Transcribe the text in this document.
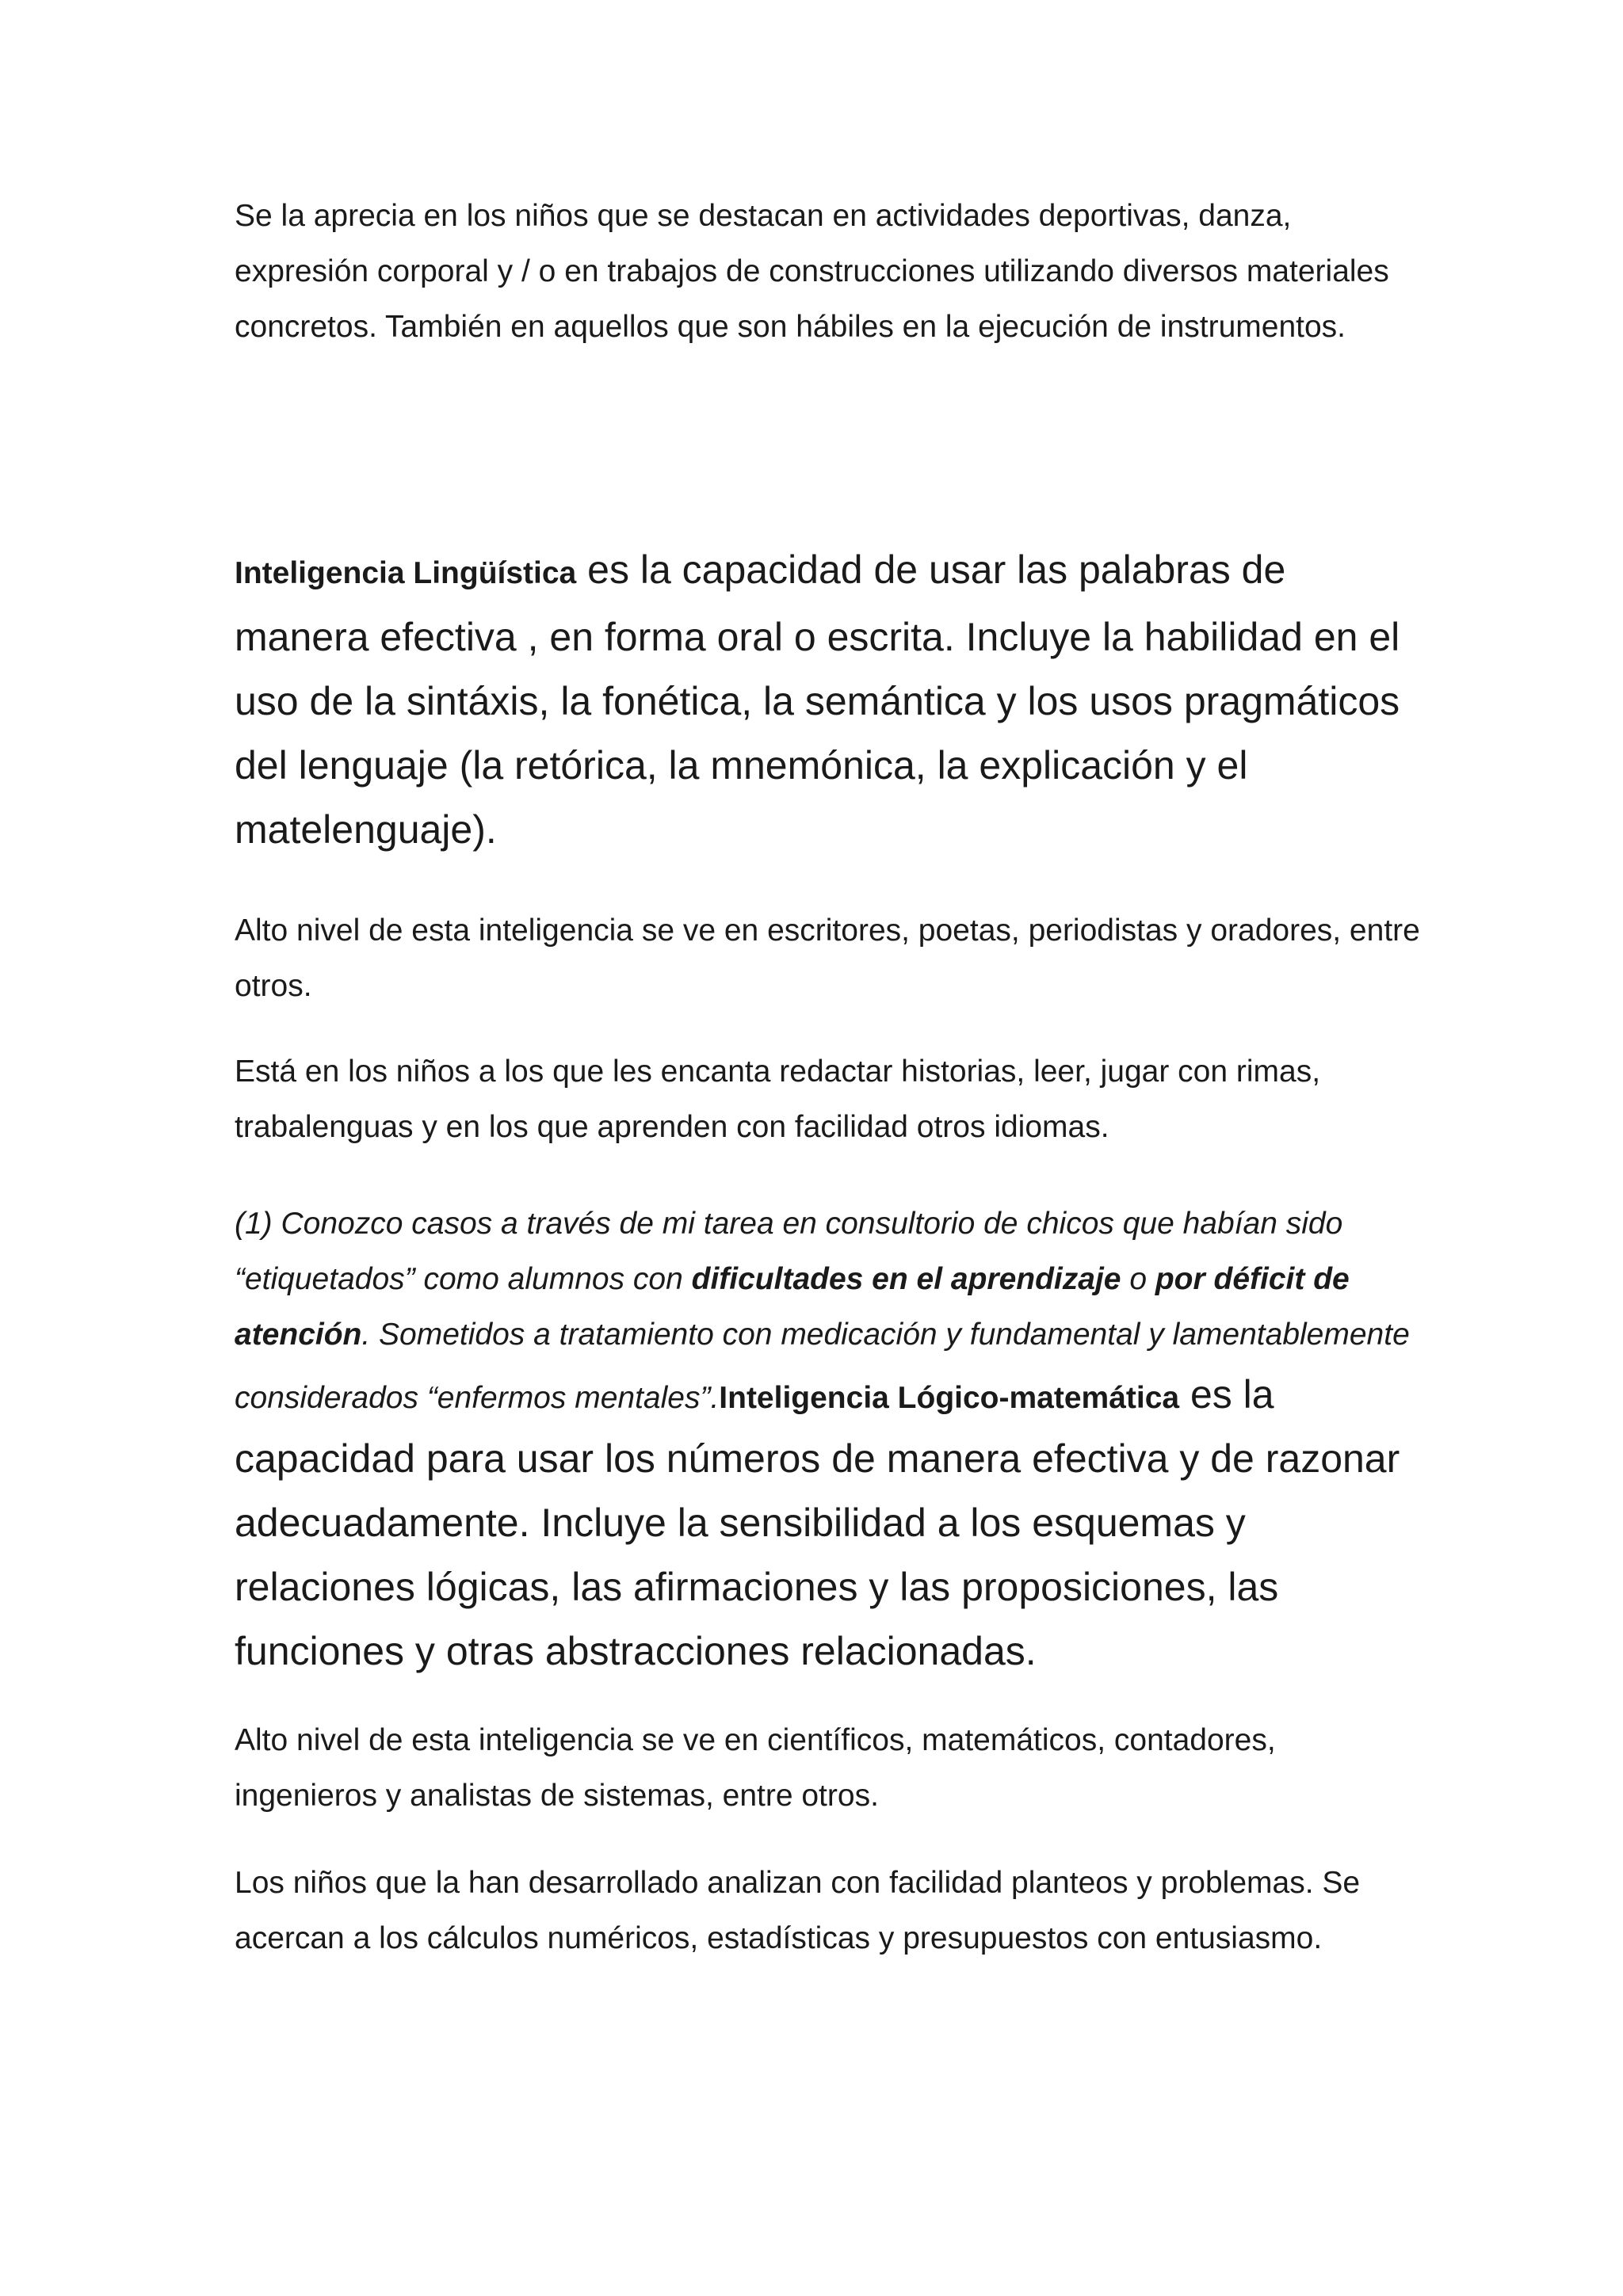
Se la aprecia en los niños que se destacan en actividades deportivas, danza, expresión corporal y / o en trabajos de construcciones utilizando diversos materiales concretos. También en aquellos que son hábiles en la ejecución de instrumentos.

Inteligencia Lingüística es la capacidad de usar las palabras de manera efectiva , en forma oral o escrita. Incluye la habilidad en el uso de la sintáxis, la fonética, la semántica y los usos pragmáticos del lenguaje (la retórica, la mnemónica, la explicación y el matelenguaje).

Alto nivel de esta inteligencia se ve en escritores, poetas, periodistas y oradores, entre otros.

Está en los niños a los que les encanta redactar historias, leer, jugar con rimas, trabalenguas y en los que aprenden con facilidad otros idiomas.

(1) Conozco casos a través de mi tarea en consultorio de chicos que habían sido “etiquetados” como alumnos con dificultades en el aprendizaje o por déficit de atención. Sometidos a tratamiento con medicación y fundamental y lamentablemente considerados “enfermos mentales”.Inteligencia Lógico-matemática es la capacidad para usar los números de manera efectiva y de razonar adecuadamente. Incluye la sensibilidad a los esquemas y relaciones lógicas, las afirmaciones y las proposiciones, las funciones y otras abstracciones relacionadas.

Alto nivel de esta inteligencia se ve en científicos, matemáticos, contadores, ingenieros y analistas de sistemas, entre otros.

Los niños que la han desarrollado analizan con facilidad planteos y problemas. Se acercan a los cálculos numéricos, estadísticas y presupuestos con entusiasmo.
